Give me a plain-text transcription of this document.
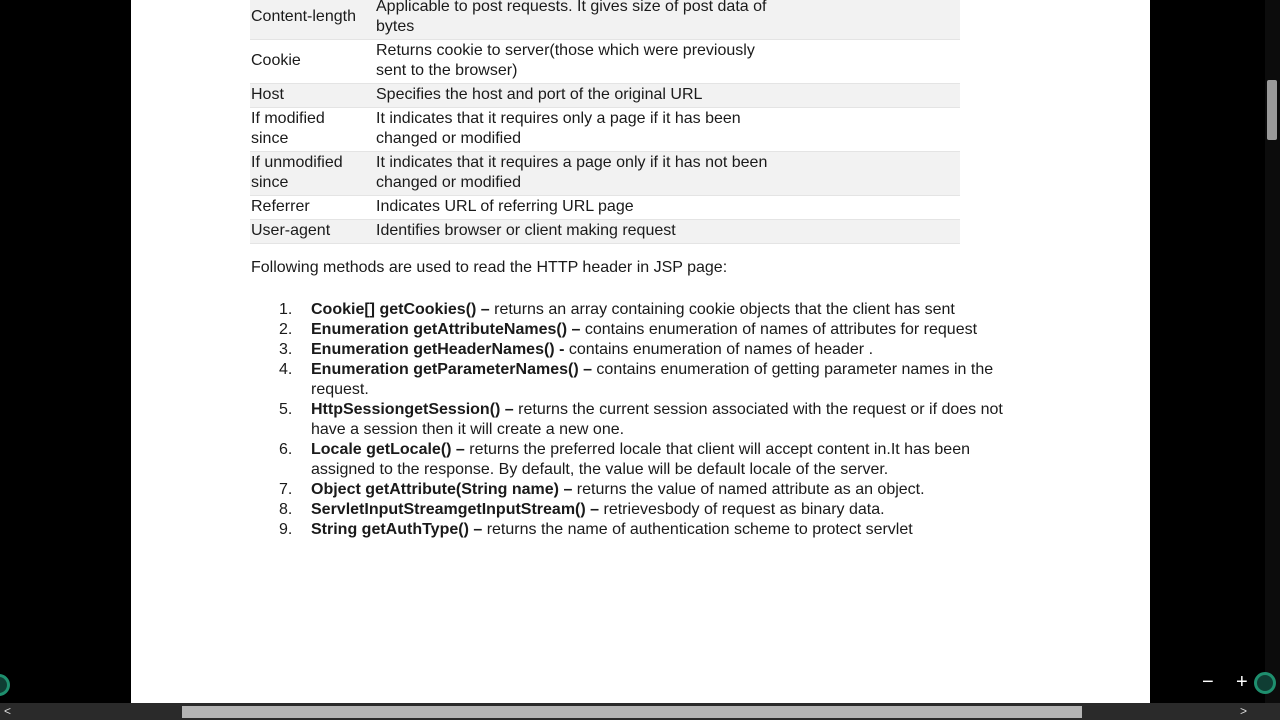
Content-length	Applicable to post requests. It gives size of post data of
bytes
Cookie	Returns cookie to server(those which were previously
sent to the browser)
Host	Specifies the host and port of the original URL
If modified
since	It indicates that it requires only a page if it has been
changed or modified
If unmodified
since	It indicates that it requires a page only if it has not been
changed or modified
Referrer	Indicates URL of referring URL page
User-agent	Identifies browser or client making request

Following methods are used to read the HTTP header in JSP page:

1. Cookie[] getCookies() – returns an array containing cookie objects that the client has sent
2. Enumeration getAttributeNames() – contains enumeration of names of attributes for request
3. Enumeration getHeaderNames() - contains enumeration of names of header .
4. Enumeration getParameterNames() – contains enumeration of getting parameter names in the request.
5. HttpSessiongetSession() – returns the current session associated with the request or if does not have a session then it will create a new one.
6. Locale getLocale() – returns the preferred locale that client will accept content in.It has been assigned to the response. By default, the value will be default locale of the server.
7. Object getAttribute(String name) – returns the value of named attribute as an object.
8. ServletInputStreamgetInputStream() – retrievesbody of request as binary data.
9. String getAuthType() – returns the name of authentication scheme to protect servlet
<	>
− +
